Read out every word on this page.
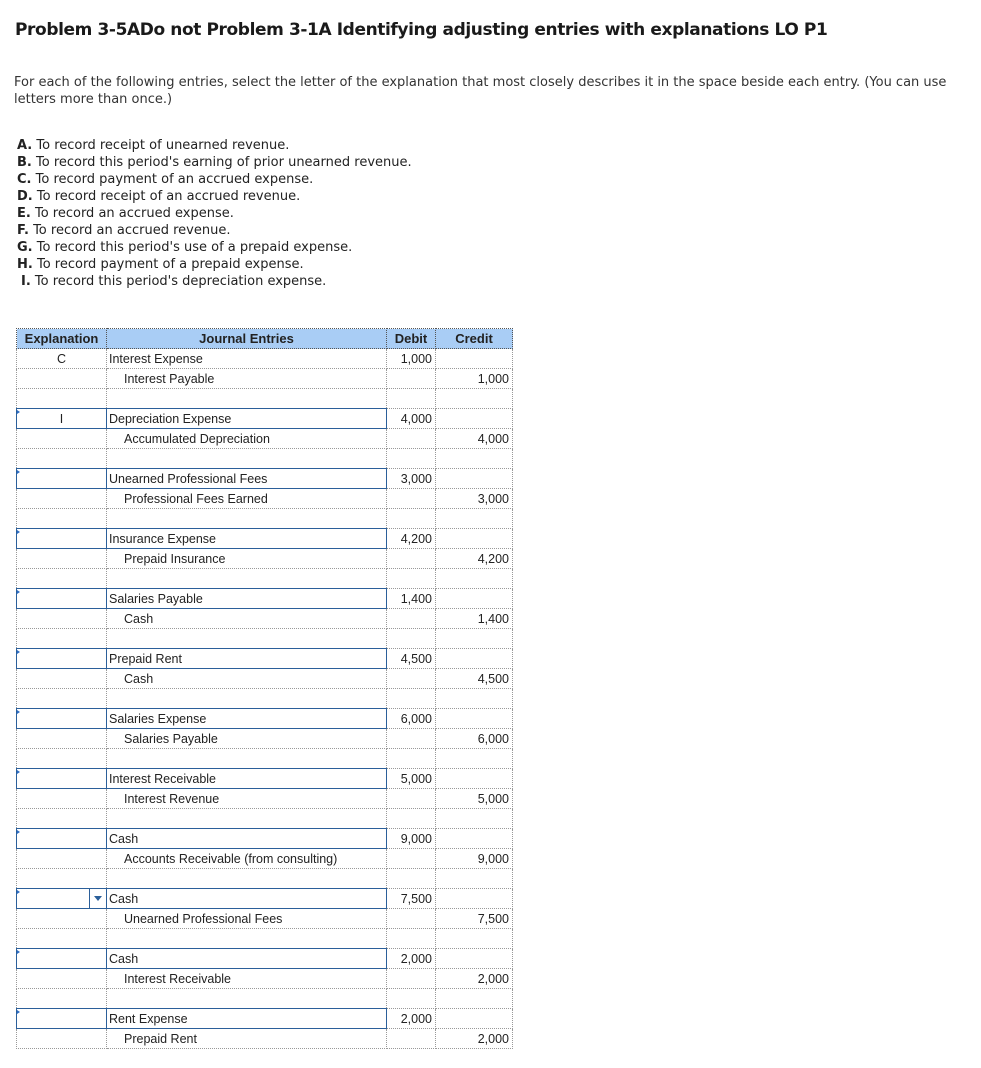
Problem 3-5ADo not Problem 3-1A Identifying adjusting entries with explanations LO P1

For each of the following entries, select the letter of the explanation that most closely describes it in the space beside each entry. (You can use letters more than once.)

A. To record receipt of unearned revenue.
B. To record this period's earning of prior unearned revenue.
C. To record payment of an accrued expense.
D. To record receipt of an accrued revenue.
E. To record an accrued expense.
F. To record an accrued revenue.
G. To record this period's use of a prepaid expense.
H. To record payment of a prepaid expense.
I. To record this period's depreciation expense.
Explanation	Journal Entries	Debit	Credit
C	Interest Expense	1,000	
	Interest Payable		1,000

I	Depreciation Expense	4,000	
	Accumulated Depreciation		4,000

	Unearned Professional Fees	3,000	
	Professional Fees Earned		3,000

	Insurance Expense	4,200	
	Prepaid Insurance		4,200

	Salaries Payable	1,400	
	Cash		1,400

	Prepaid Rent	4,500	
	Cash		4,500

	Salaries Expense	6,000	
	Salaries Payable		6,000

	Interest Receivable	5,000	
	Interest Revenue		5,000

	Cash	9,000	
	Accounts Receivable (from consulting)		9,000

	Cash	7,500	
	Unearned Professional Fees		7,500

	Cash	2,000	
	Interest Receivable		2,000

	Rent Expense	2,000	
	Prepaid Rent		2,000
